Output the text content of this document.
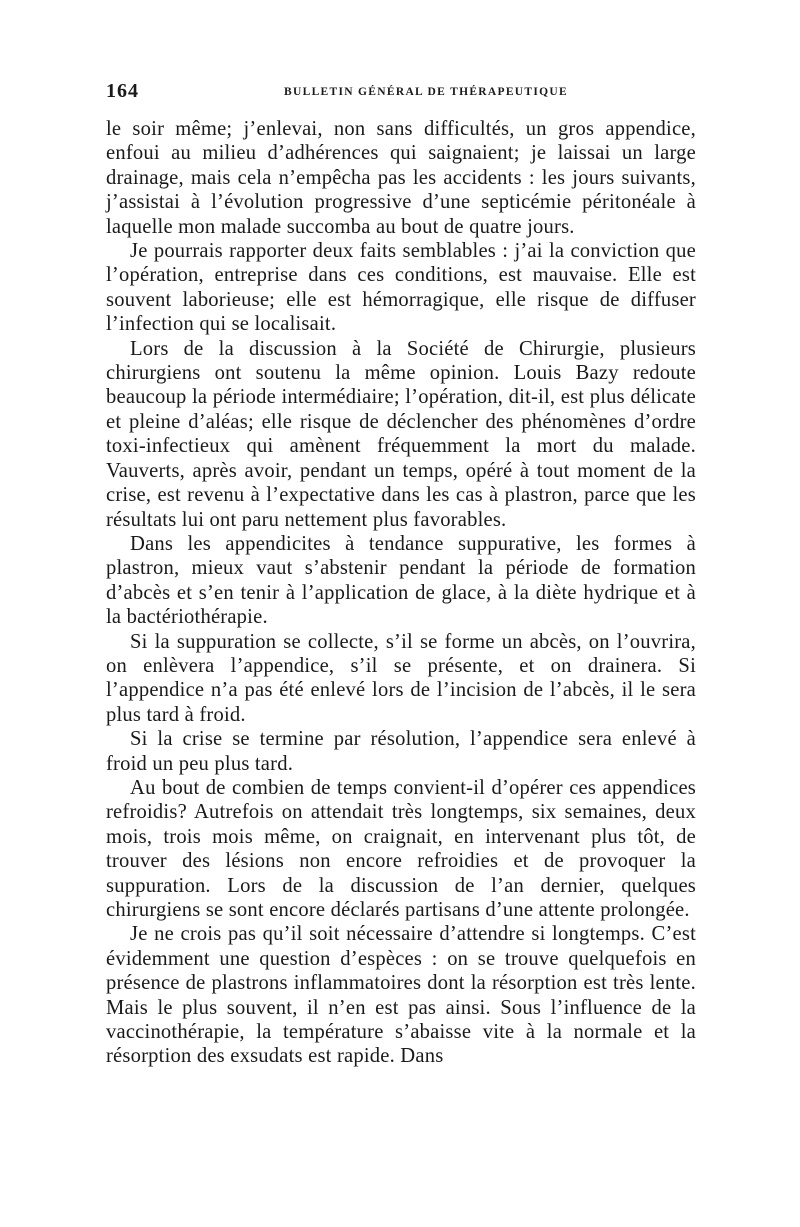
164	BULLETIN GÉNÉRAL DE THÉRAPEUTIQUE

le soir même; j’enlevai, non sans difficultés, un gros appendice, enfoui au milieu d’adhérences qui saignaient; je laissai un large drainage, mais cela n’empêcha pas les accidents : les jours suivants, j’assistai à l’évolution progressive d’une septicémie péritonéale à laquelle mon malade succomba au bout de quatre jours.

Je pourrais rapporter deux faits semblables : j’ai la conviction que l’opération, entreprise dans ces conditions, est mauvaise. Elle est souvent laborieuse; elle est hémorragique, elle risque de diffuser l’infection qui se localisait.

Lors de la discussion à la Société de Chirurgie, plusieurs chirurgiens ont soutenu la même opinion. Louis Bazy redoute beaucoup la période intermédiaire; l’opération, dit-il, est plus délicate et pleine d’aléas; elle risque de déclencher des phénomènes d’ordre toxi-infectieux qui amènent fréquemment la mort du malade. Vauverts, après avoir, pendant un temps, opéré à tout moment de la crise, est revenu à l’expectative dans les cas à plastron, parce que les résultats lui ont paru nettement plus favorables.

Dans les appendicites à tendance suppurative, les formes à plastron, mieux vaut s’abstenir pendant la période de formation d’abcès et s’en tenir à l’application de glace, à la diète hydrique et à la bactériothérapie.

Si la suppuration se collecte, s’il se forme un abcès, on l’ouvrira, on enlèvera l’appendice, s’il se présente, et on drainera. Si l’appendice n’a pas été enlevé lors de l’incision de l’abcès, il le sera plus tard à froid.

Si la crise se termine par résolution, l’appendice sera enlevé à froid un peu plus tard.

Au bout de combien de temps convient-il d’opérer ces appendices refroidis? Autrefois on attendait très longtemps, six semaines, deux mois, trois mois même, on craignait, en intervenant plus tôt, de trouver des lésions non encore refroidies et de provoquer la suppuration. Lors de la discussion de l’an dernier, quelques chirurgiens se sont encore déclarés partisans d’une attente prolongée.

Je ne crois pas qu’il soit nécessaire d’attendre si longtemps. C’est évidemment une question d’espèces : on se trouve quelquefois en présence de plastrons inflammatoires dont la résorption est très lente. Mais le plus souvent, il n’en est pas ainsi. Sous l’influence de la vaccinothérapie, la température s’abaisse vite à la normale et la résorption des exsudats est rapide. Dans
